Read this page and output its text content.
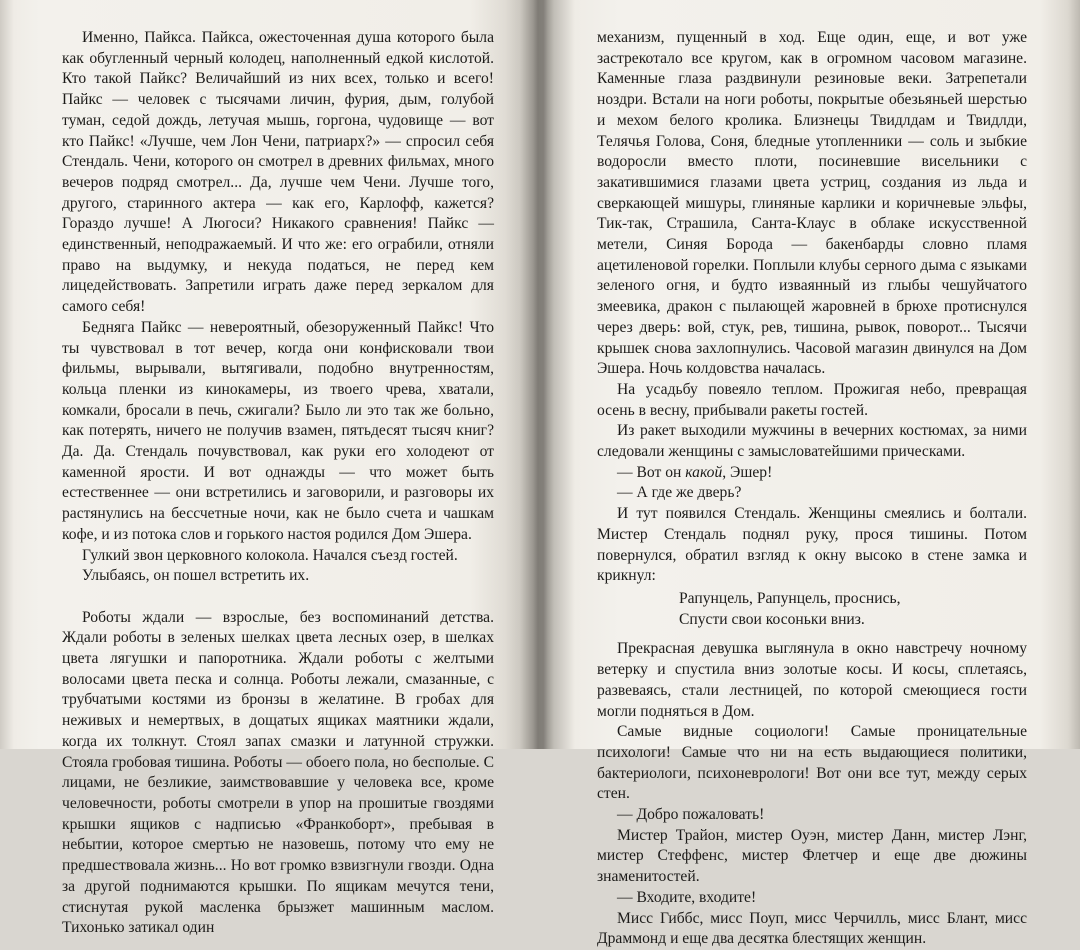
Именно, Пайкса. Пайкса, ожесточенная душа которого была как обугленный черный колодец, наполненный едкой кислотой. Кто такой Пайкс? Величайший из них всех, только и всего! Пайкс — человек с тысячами личин, фурия, дым, голубой туман, седой дождь, летучая мышь, горгона, чудовище — вот кто Пайкс! «Лучше, чем Лон Чени, патриарх?» — спросил себя Стендаль. Чени, которого он смотрел в древних фильмах, много вечеров подряд смотрел... Да, лучше чем Чени. Лучше того, другого, старинного актера — как его, Карлофф, кажется? Гораздо лучше! А Люгоси? Никакого сравнения! Пайкс — единственный, неподражаемый. И что же: его ограбили, отняли право на выдумку, и некуда податься, не перед кем лицедействовать. Запретили играть даже перед зеркалом для самого себя!

Бедняга Пайкс — невероятный, обезоруженный Пайкс! Что ты чувствовал в тот вечер, когда они конфисковали твои фильмы, вырывали, вытягивали, подобно внутренностям, кольца пленки из кинокамеры, из твоего чрева, хватали, комкали, бросали в печь, сжигали? Было ли это так же больно, как потерять, ничего не получив взамен, пятьдесят тысяч книг? Да. Да. Стендаль почувствовал, как руки его холодеют от каменной ярости. И вот однажды — что может быть естественнее — они встретились и заговорили, и разговоры их растянулись на бессчетные ночи, как не было счета и чашкам кофе, и из потока слов и горького настоя родился Дом Эшера.

Гулкий звон церковного колокола. Начался съезд гостей.

Улыбаясь, он пошел встретить их.

Роботы ждали — взрослые, без воспоминаний детства. Ждали роботы в зеленых шелках цвета лесных озер, в шелках цвета лягушки и папоротника. Ждали роботы с желтыми волосами цвета песка и солнца. Роботы лежали, смазанные, с трубчатыми костями из бронзы в желатине. В гробах для неживых и немертвых, в дощатых ящиках маятники ждали, когда их толкнут. Стоял запах смазки и латунной стружки. Стояла гробовая тишина. Роботы — обоего пола, но бесполые. С лицами, не безликие, заимствовавшие у человека все, кроме человечности, роботы смотрели в упор на прошитые гвоздями крышки ящиков с надписью «Франкоборт», пребывая в небытии, которое смертью не назовешь, потому что ему не предшествовала жизнь... Но вот громко взвизгнули гвозди. Одна за другой поднимаются крышки. По ящикам мечутся тени, стиснутая рукой масленка брызжет машинным маслом. Тихонько затикал один

механизм, пущенный в ход. Еще один, еще, и вот уже застрекотало все кругом, как в огромном часовом магазине. Каменные глаза раздвинули резиновые веки. Затрепетали ноздри. Встали на ноги роботы, покрытые обезьяньей шерстью и мехом белого кролика. Близнецы Твидлдам и Твидлди, Телячья Голова, Соня, бледные утопленники — соль и зыбкие водоросли вместо плоти, посиневшие висельники с закатившимися глазами цвета устриц, создания из льда и сверкающей мишуры, глиняные карлики и коричневые эльфы, Тик-так, Страшила, Санта-Клаус в облаке искусственной метели, Синяя Борода — бакенбарды словно пламя ацетиленовой горелки. Поплыли клубы серного дыма с языками зеленого огня, и будто изваянный из глыбы чешуйчатого змеевика, дракон с пылающей жаровней в брюхе протиснулся через дверь: вой, стук, рев, тишина, рывок, поворот... Тысячи крышек снова захлопнулись. Часовой магазин двинулся на Дом Эшера. Ночь колдовства началась.

На усадьбу повеяло теплом. Прожигая небо, превращая осень в весну, прибывали ракеты гостей.

Из ракет выходили мужчины в вечерних костюмах, за ними следовали женщины с замысловатейшими прическами.

— Вот он какой, Эшер!

— А где же дверь?

И тут появился Стендаль. Женщины смеялись и болтали. Мистер Стендаль поднял руку, прося тишины. Потом повернулся, обратил взгляд к окну высоко в стене замка и крикнул:

Рапунцель, Рапунцель, проснись,
Спусти свои косоньки вниз.

Прекрасная девушка выглянула в окно навстречу ночному ветерку и спустила вниз золотые косы. И косы, сплетаясь, развеваясь, стали лестницей, по которой смеющиеся гости могли подняться в Дом.

Самые видные социологи! Самые проницательные психологи! Самые что ни на есть выдающиеся политики, бактериологи, психоневрологи! Вот они все тут, между серых стен.

— Добро пожаловать!

Мистер Трайон, мистер Оуэн, мистер Данн, мистер Лэнг, мистер Стеффенс, мистер Флетчер и еще две дюжины знаменитостей.

— Входите, входите!

Мисс Гиббс, мисс Поуп, мисс Черчилль, мисс Блант, мисс Драммонд и еще два десятка блестящих женщин.
